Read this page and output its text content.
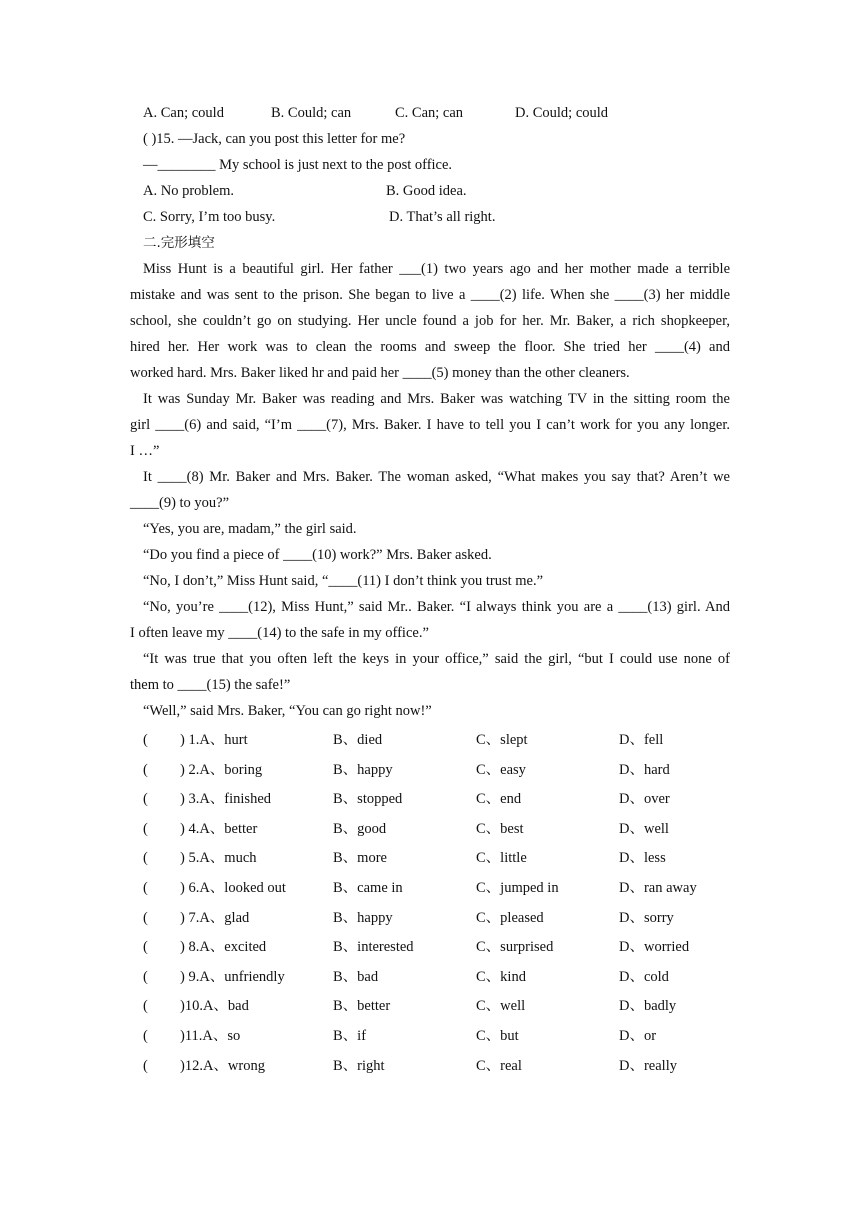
A. Can; could	B. Could; can	C. Can; can	D. Could; could
( )15. —Jack, can you post this letter for me?
—________ My school is just next to the post office.
A. No problem.	B. Good idea.
C. Sorry, I’m too busy.	D. That’s all right.
二.完形填空
Miss Hunt is a beautiful girl. Her father ___(1) two years ago and her mother made a terrible
mistake and was sent to the prison. She began to live a ____(2) life. When she ____(3) her middle
school, she couldn’t go on studying. Her uncle found a job for her. Mr. Baker, a rich shopkeeper,
hired her. Her work was to clean the rooms and sweep the floor. She tried her ____(4) and
worked hard. Mrs. Baker liked hr and paid her ____(5) money than the other cleaners.
It was Sunday Mr. Baker was reading and Mrs. Baker was watching TV in the sitting room the
girl ____(6) and said, “I’m ____(7), Mrs. Baker. I have to tell you I can’t work for you any longer.
I …”
It ____(8) Mr. Baker and Mrs. Baker. The woman asked, “What makes you say that? Aren’t we
____(9) to you?”
“Yes, you are, madam,” the girl said.
“Do you find a piece of ____(10) work?” Mrs. Baker asked.
“No, I don’t,” Miss Hunt said, “____(11) I don’t think you trust me.”
“No, you’re ____(12), Miss Hunt,” said Mr.. Baker. “I always think you are a ____(13) girl. And
I often leave my ____(14) to the safe in my office.”
“It was true that you often left the keys in your office,” said the girl, “but I could use none of
them to ____(15) the safe!”
“Well,” said Mrs. Baker, “You can go right now!”
( ) 1.A、hurt	B、died	C、slept	D、fell
( ) 2.A、boring	B、happy	C、easy	D、hard
( ) 3.A、finished	B、stopped	C、end	D、over
( ) 4.A、better	B、good	C、best	D、well
( ) 5.A、much	B、more	C、little	D、less
( ) 6.A、looked out	B、came in	C、jumped in	D、ran away
( ) 7.A、glad	B、happy	C、pleased	D、sorry
( ) 8.A、excited	B、interested	C、surprised	D、worried
( ) 9.A、unfriendly	B、bad	C、kind	D、cold
( )10.A、bad	B、better	C、well	D、badly
( )11.A、so	B、if	C、but	D、or
( )12.A、wrong	B、right	C、real	D、really
